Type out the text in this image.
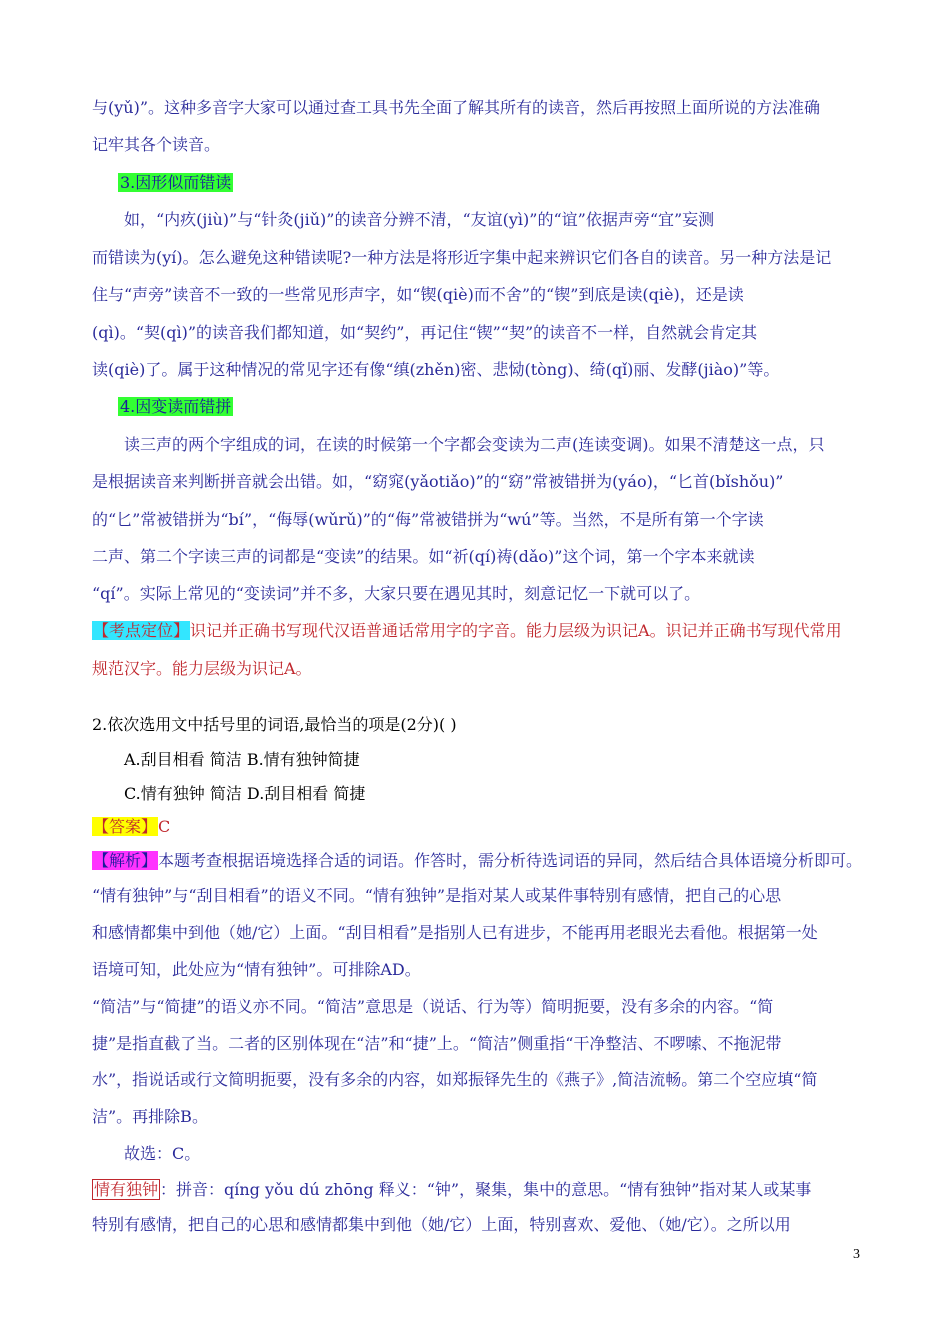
与(yǔ)”。这种多音字大家可以通过查工具书先全面了解其所有的读音，然后再按照上面所说的方法准确
记牢其各个读音。
3.因形似而错读
如，“内疚(jiù)”与“针灸(jiǔ)”的读音分辨不清，“友谊(yì)”的“谊”依据声旁“宜”妄测
而错读为(yí)。怎么避免这种错读呢?一种方法是将形近字集中起来辨识它们各自的读音。另一种方法是记
住与“声旁”读音不一致的一些常见形声字，如“锲(qiè)而不舍”的“锲”到底是读(qiè)，还是读
(qì)。“契(qì)”的读音我们都知道，如“契约”，再记住“锲”“契”的读音不一样，自然就会肯定其
读(qiè)了。属于这种情况的常见字还有像“缜(zhěn)密、悲恸(tòng)、绮(qǐ)丽、发酵(jiào)”等。
4.因变读而错拼
读三声的两个字组成的词，在读的时候第一个字都会变读为二声(连读变调)。如果不清楚这一点，只
是根据读音来判断拼音就会出错。如，“窈窕(yǎotiǎo)”的“窈”常被错拼为(yáo)，“匕首(bǐshǒu)”
的“匕”常被错拼为“bí”，“侮辱(wǔrǔ)”的“侮”常被错拼为“wú”等。当然，不是所有第一个字读
二声、第二个字读三声的词都是“变读”的结果。如“祈(qí)祷(dǎo)”这个词，第一个字本来就读
“qí”。实际上常见的“变读词”并不多，大家只要在遇见其时，刻意记忆一下就可以了。
【考点定位】识记并正确书写现代汉语普通话常用字的字音。能力层级为识记A。识记并正确书写现代常用
规范汉字。能力层级为识记A。
2.依次选用文中括号里的词语,最恰当的项是(2分)( )
A.刮目相看 简洁 B.情有独钟简捷
C.情有独钟 简洁 D.刮目相看 简捷
【答案】C
【解析】本题考查根据语境选择合适的词语。作答时，需分析待选词语的异同，然后结合具体语境分析即可。
“情有独钟”与“刮目相看”的语义不同。“情有独钟”是指对某人或某件事特别有感情，把自己的心思
和感情都集中到他（她/它）上面。“刮目相看”是指别人已有进步，不能再用老眼光去看他。根据第一处
语境可知，此处应为“情有独钟”。可排除AD。
“简洁”与“简捷”的语义亦不同。“简洁”意思是（说话、行为等）简明扼要，没有多余的内容。“简
捷”是指直截了当。二者的区别体现在“洁”和“捷”上。“简洁”侧重指“干净整洁、不啰嗦、不拖泥带
水”，指说话或行文简明扼要，没有多余的内容，如郑振铎先生的《燕子》,简洁流畅。第二个空应填“简
洁”。再排除B。
故选：C。
情有独钟 ：拼音：qíng yǒu dú zhōng 释义：“钟”，聚集，集中的意思。“情有独钟”指对某人或某事
特别有感情，把自己的心思和感情都集中到他（她/它）上面，特别喜欢、爱他、（她/它）。之所以用
3
